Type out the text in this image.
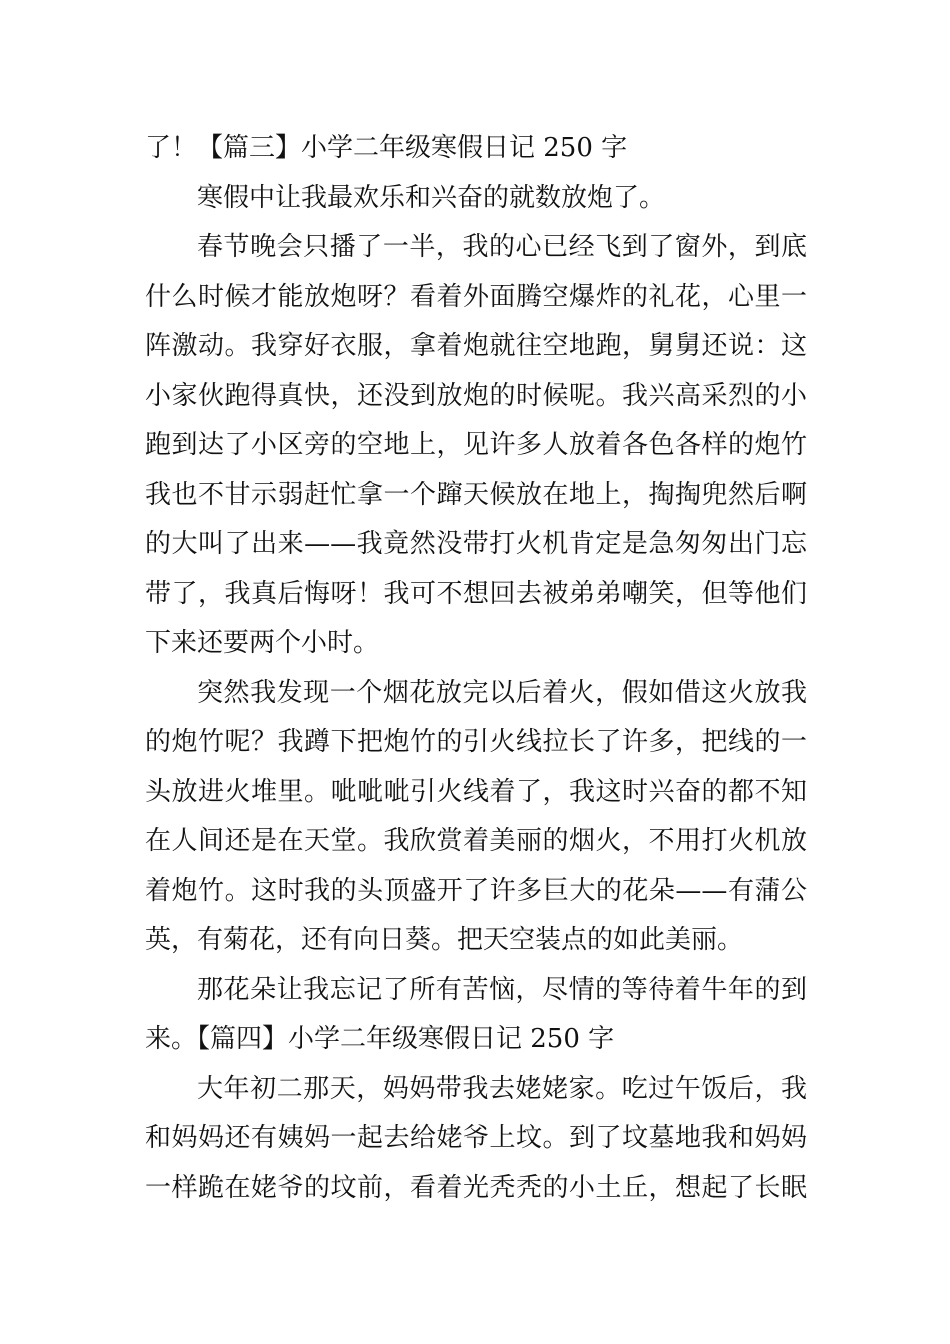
了！【篇三】小学二年级寒假日记 250 字
寒假中让我最欢乐和兴奋的就数放炮了。
春节晚会只播了一半，我的心已经飞到了窗外，到底
什么时候才能放炮呀？看着外面腾空爆炸的礼花，心里一
阵激动。我穿好衣服，拿着炮就往空地跑，舅舅还说：这
小家伙跑得真快，还没到放炮的时候呢。我兴高采烈的小
跑到达了小区旁的空地上，见许多人放着各色各样的炮竹
我也不甘示弱赶忙拿一个蹿天候放在地上，掏掏兜然后啊
的大叫了出来——我竟然没带打火机肯定是急匆匆出门忘
带了，我真后悔呀！我可不想回去被弟弟嘲笑，但等他们
下来还要两个小时。
突然我发现一个烟花放完以后着火，假如借这火放我
的炮竹呢？我蹲下把炮竹的引火线拉长了许多，把线的一
头放进火堆里。呲呲呲引火线着了，我这时兴奋的都不知
在人间还是在天堂。我欣赏着美丽的烟火，不用打火机放
着炮竹。这时我的头顶盛开了许多巨大的花朵——有蒲公
英，有菊花，还有向日葵。把天空装点的如此美丽。
那花朵让我忘记了所有苦恼，尽情的等待着牛年的到
来。【篇四】小学二年级寒假日记 250 字
大年初二那天，妈妈带我去姥姥家。吃过午饭后，我
和妈妈还有姨妈一起去给姥爷上坟。到了坟墓地我和妈妈
一样跪在姥爷的坟前，看着光秃秃的小土丘，想起了长眠
